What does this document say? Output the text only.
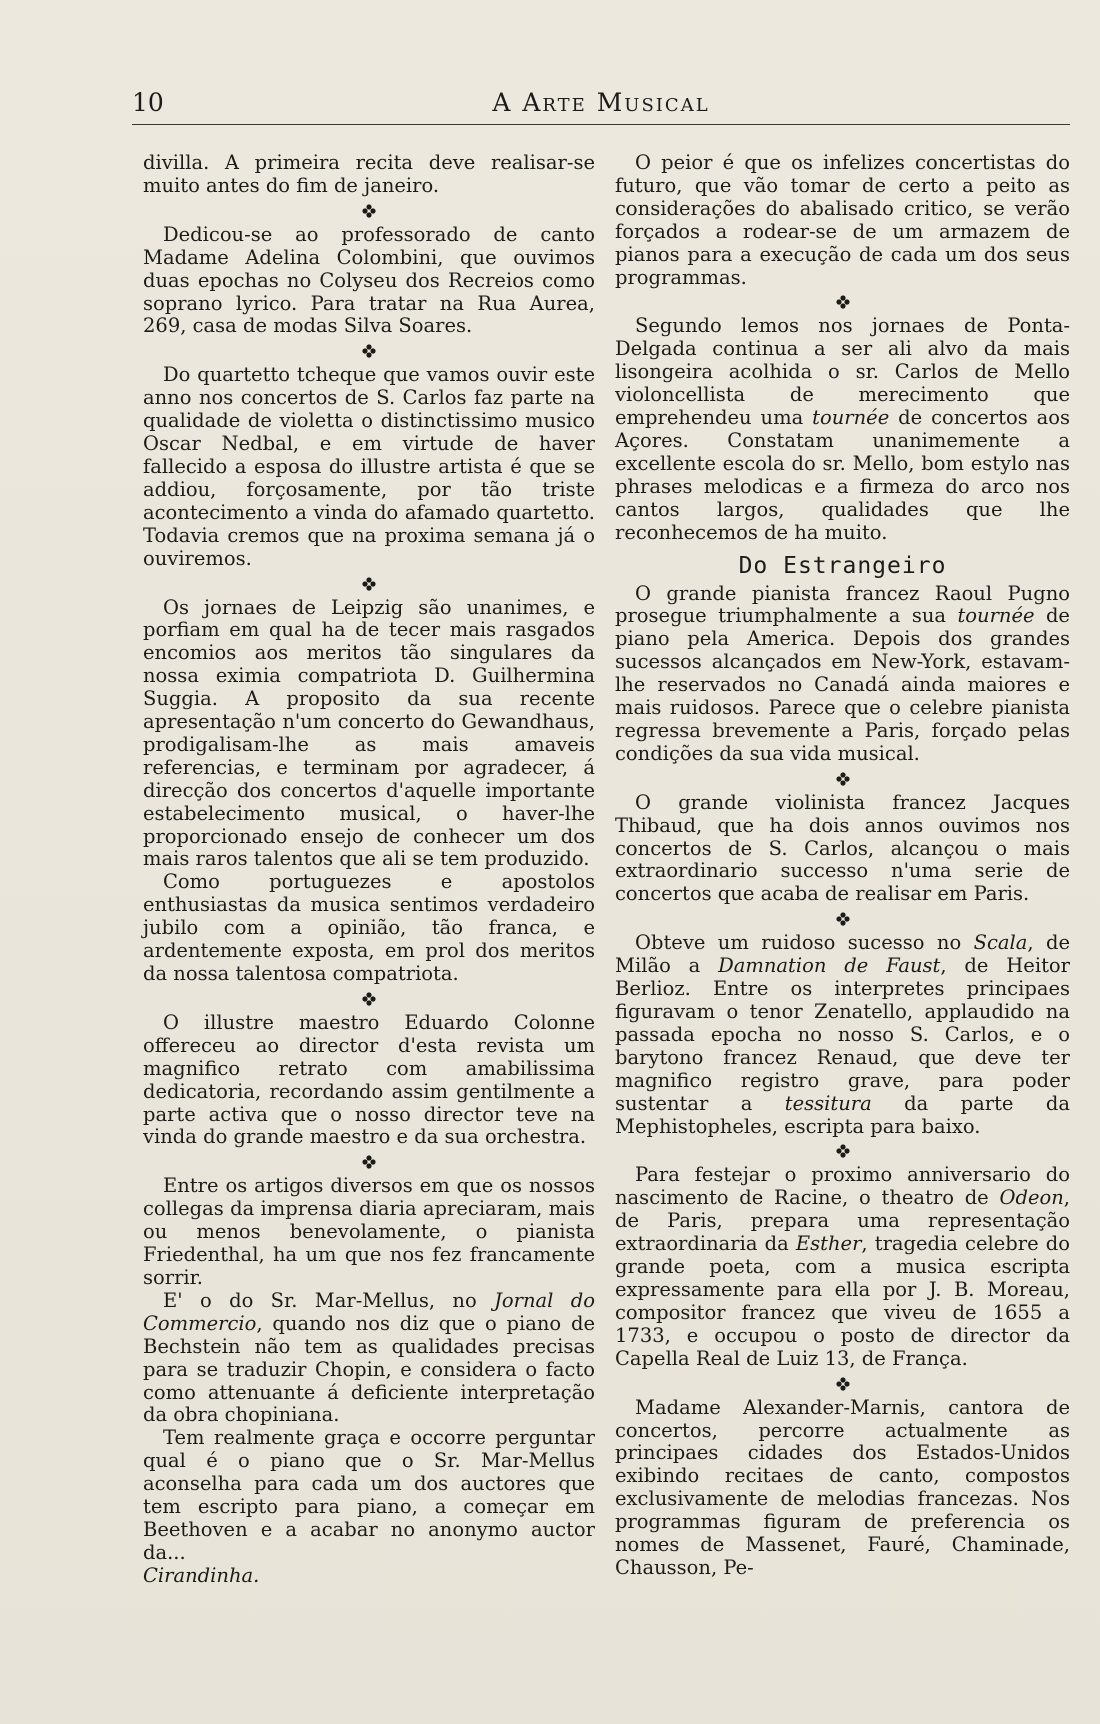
10	A Arte Musical

divilla. A primeira recita deve realisar-se muito antes do fim de janeiro.

Dedicou-se ao professorado de canto Madame Adelina Colombini, que ouvimos duas epochas no Colyseu dos Recreios como soprano lyrico. Para tratar na Rua Aurea, 269, casa de modas Silva Soares.

Do quartetto tcheque que vamos ouvir este anno nos concertos de S. Carlos faz parte na qualidade de violetta o distinctissimo musico Oscar Nedbal, e em virtude de haver fallecido a esposa do illustre artista é que se addiou, forçosamente, por tão triste acontecimento a vinda do afamado quartetto. Todavia cremos que na proxima semana já o ouviremos.

Os jornaes de Leipzig são unanimes, e porfiam em qual ha de tecer mais rasgados encomios aos meritos tão singulares da nossa eximia compatriota D. Guilhermina Suggia. A proposito da sua recente apresentação n'um concerto do Gewandhaus, prodigalisam-lhe as mais amaveis referencias, e terminam por agradecer, á direcção dos concertos d'aquelle importante estabelecimento musical, o haver-lhe proporcionado ensejo de conhecer um dos mais raros talentos que ali se tem produzido.

Como portuguezes e apostolos enthusiastas da musica sentimos verdadeiro jubilo com a opinião, tão franca, e ardentemente exposta, em prol dos meritos da nossa talentosa compatriota.

O illustre maestro Eduardo Colonne offereceu ao director d'esta revista um magnifico retrato com amabilissima dedicatoria, recordando assim gentilmente a parte activa que o nosso director teve na vinda do grande maestro e da sua orchestra.

Entre os artigos diversos em que os nossos collegas da imprensa diaria apreciaram, mais ou menos benevolamente, o pianista Friedenthal, ha um que nos fez francamente sorrir.

E' o do Sr. Mar-Mellus, no Jornal do Commercio, quando nos diz que o piano de Bechstein não tem as qualidades precisas para se traduzir Chopin, e considera o facto como attenuante á deficiente interpretação da obra chopiniana.

Tem realmente graça e occorre perguntar qual é o piano que o Sr. Mar-Mellus aconselha para cada um dos auctores que tem escripto para piano, a começar em Beethoven e a acabar no anonymo auctor da...

Cirandinha.

O peior é que os infelizes concertistas do futuro, que vão tomar de certo a peito as considerações do abalisado critico, se verão forçados a rodear-se de um armazem de pianos para a execução de cada um dos seus programmas.

Segundo lemos nos jornaes de Ponta-Delgada continua a ser ali alvo da mais lisongeira acolhida o sr. Carlos de Mello violoncellista de merecimento que emprehendeu uma tournée de concertos aos Açores. Constatam unanimemente a excellente escola do sr. Mello, bom estylo nas phrases melodicas e a firmeza do arco nos cantos largos, qualidades que lhe reconhecemos de ha muito.

Do Estrangeiro

O grande pianista francez Raoul Pugno prosegue triumphalmente a sua tournée de piano pela America. Depois dos grandes sucessos alcançados em New-York, estavam-lhe reservados no Canadá ainda maiores e mais ruidosos. Parece que o celebre pianista regressa brevemente a Paris, forçado pelas condições da sua vida musical.

O grande violinista francez Jacques Thibaud, que ha dois annos ouvimos nos concertos de S. Carlos, alcançou o mais extraordinario successo n'uma serie de concertos que acaba de realisar em Paris.

Obteve um ruidoso sucesso no Scala, de Milão a Damnation de Faust, de Heitor Berlioz. Entre os interpretes principaes figuravam o tenor Zenatello, applaudido na passada epocha no nosso S. Carlos, e o barytono francez Renaud, que deve ter magnifico registro grave, para poder sustentar a tessitura da parte da Mephistopheles, escripta para baixo.

Para festejar o proximo anniversario do nascimento de Racine, o theatro de Odeon, de Paris, prepara uma representação extraordinaria da Esther, tragedia celebre do grande poeta, com a musica escripta expressamente para ella por J. B. Moreau, compositor francez que viveu de 1655 a 1733, e occupou o posto de director da Capella Real de Luiz 13, de França.

Madame Alexander-Marnis, cantora de concertos, percorre actualmente as principaes cidades dos Estados-Unidos exibindo recitaes de canto, compostos exclusivamente de melodias francezas. Nos programmas figuram de preferencia os nomes de Massenet, Fauré, Chaminade, Chausson, Pe-
